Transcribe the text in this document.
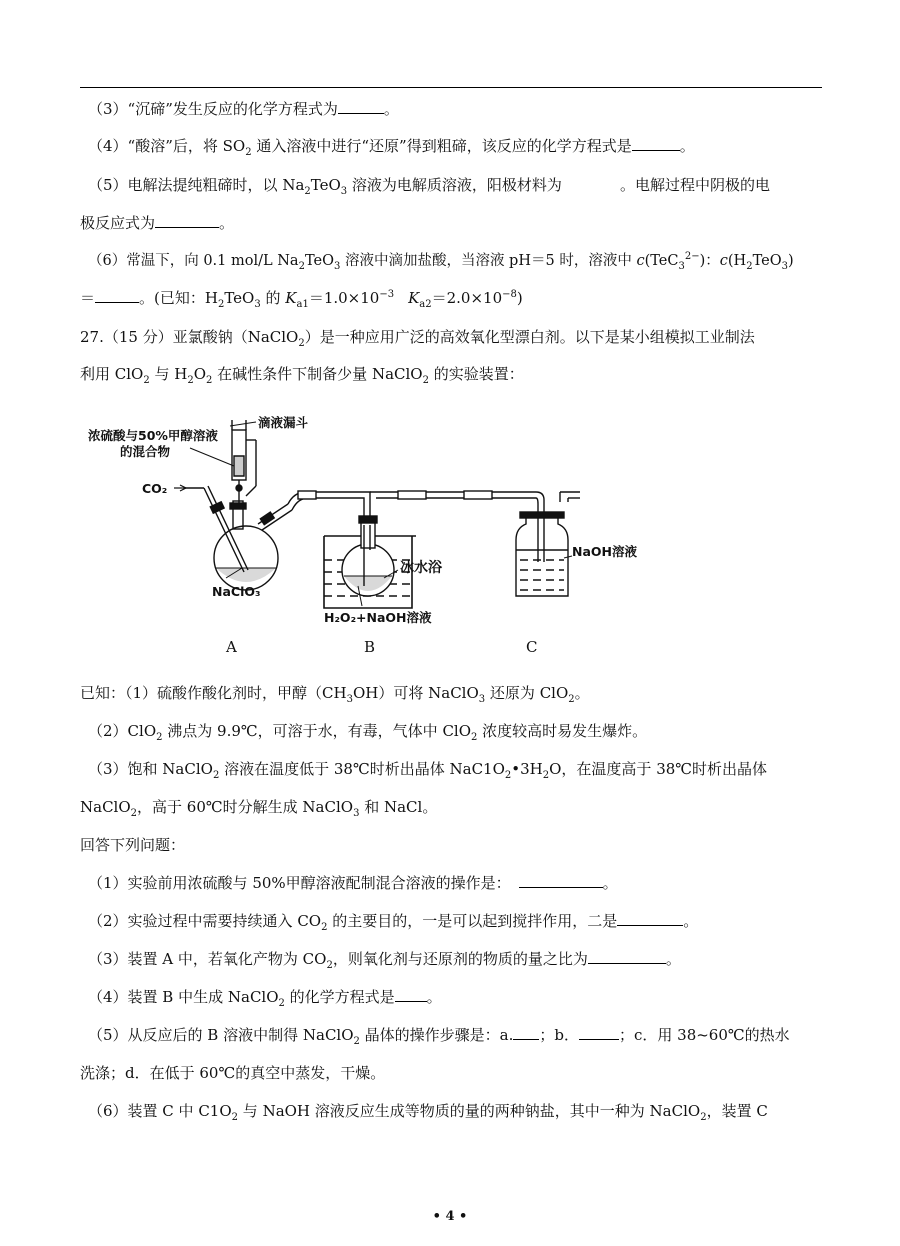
（3）“沉碲”发生反应的化学方程式为	。
（4）“酸溶”后，将 $SO_2$ 通入溶液中进行“还原”得到粗碲，该反应的化学方程式是	。
（5）电解法提纯粗碲时，以 $Na_2TeO_3$ 溶液为电解质溶液，阳极材料为	。电解过程中阴极的电
极反应式为	。
（6）常温下，向 0.1 mol/L $Na_2TeO_3$ 溶液中滴加盐酸，当溶液 pH＝5 时，溶液中 c(TeC$_3^{2-}$)：$c(H_2TeO_3)$
＝	。(已知：$H_2TeO_3$ 的 $K_{a1}=1.0\times 10^{-3}$ $K_{a2}=2.0\times 10^{-8}$)
27.（15 分）亚氯酸钠（NaClO$_2$）是一种应用广泛的高效氧化型漂白剂。以下是某小组模拟工业制法
利用 ClO$_2$ 与 $H_2O_2$ 在碱性条件下制备少量 NaClO$_2$ 的实验装置：
滴液漏斗
浓硫酸与50%甲醇溶液
的混合物
CO₂
NaClO₃
冰水浴
H₂O₂+NaOH溶液
NaOH溶液
A	B	C
已知：（1）硫酸作酸化剂时，甲醇$(CH_3OH)$可将 NaClO$_3$ 还原为 ClO$_2$。
（2）ClO$_2$ 沸点为 9.9℃，可溶于水，有毒，气体中 ClO$_2$ 浓度较高时易发生爆炸。
（3）饱和 NaClO$_2$ 溶液在温度低于 38℃时析出晶体 $NaC1O_2•3H_2O$，在温度高于 38℃时析出晶体
NaClO$_2$，高于 60℃时分解生成 NaClO$_3$ 和 NaCl。
回答下列问题：
（1）实验前用浓硫酸与 50%甲醇溶液配制混合溶液的操作是：	。
（2）实验过程中需要持续通入 $CO_2$ 的主要目的，一是可以起到搅拌作用，二是	。
（3）装置 A 中，若氧化产物为 $CO_2$，则氧化剂与还原剂的物质的量之比为	。
（4）装置 B 中生成 NaClO$_2$ 的化学方程式是 。
（5）从反应后的 B 溶液中制得 NaClO$_2$ 晶体的操作步骤是：a. ；b．	；c．用 38~60℃的热水
洗涤；d．在低于 60℃的真空中蒸发，干燥。
（6）装置 C 中 $C1O_2$ 与 NaOH 溶液反应生成等物质的量的两种钠盐，其中一种为 NaClO$_2$，装置 C
• 4 •
